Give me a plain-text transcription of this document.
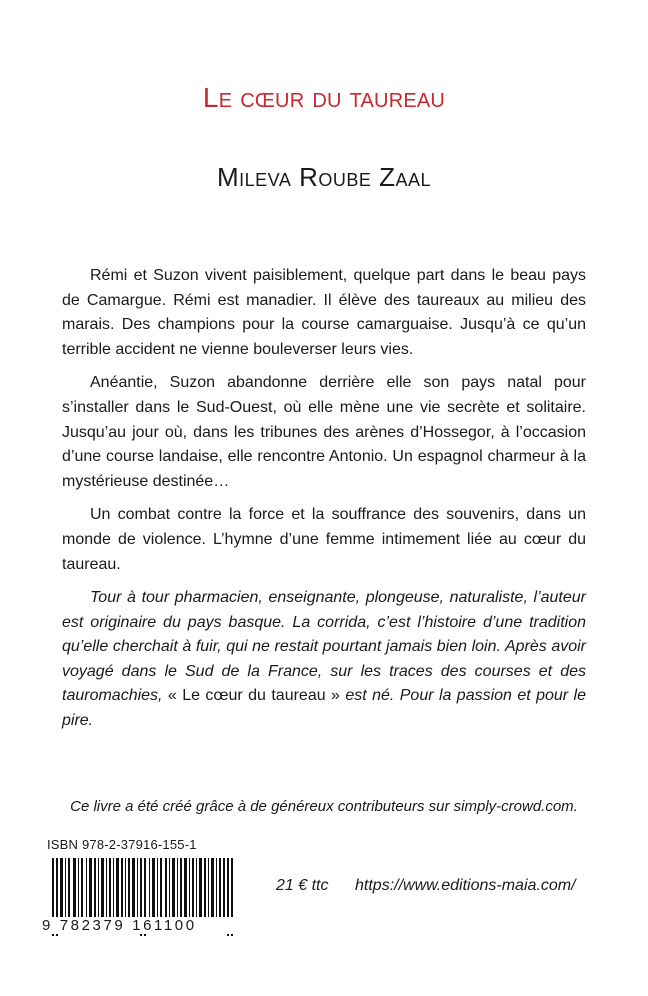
Le cœur du taureau
Mileva Roube Zaal

Rémi et Suzon vivent paisiblement, quelque part dans le beau pays de Camargue. Rémi est manadier. Il élève des taureaux au milieu des marais. Des champions pour la course camarguaise. Jusqu’à ce qu’un terrible accident ne vienne bouleverser leurs vies.

Anéantie, Suzon abandonne derrière elle son pays natal pour s’installer dans le Sud-Ouest, où elle mène une vie secrète et solitaire. Jusqu’au jour où, dans les tribunes des arènes d’Hossegor, à l’occasion d’une course landaise, elle rencontre Antonio. Un espagnol charmeur à la mystérieuse destinée…

Un combat contre la force et la souffrance des souvenirs, dans un monde de violence. L’hymne d’une femme intimement liée au cœur du taureau.

Tour à tour pharmacien, enseignante, plongeuse, naturaliste, l’auteur est originaire du pays basque. La corrida, c’est l’histoire d’une tradition qu’elle cherchait à fuir, qui ne restait pourtant jamais bien loin. Après avoir voyagé dans le Sud de la France, sur les traces des courses et des tauromachies, « Le cœur du taureau » est né. Pour la passion et pour le pire.

Ce livre a été créé grâce à de généreux contributeurs sur simply-crowd.com.
ISBN 978-2-37916-155-1
9 782379 161100
21 € ttc https://www.editions-maia.com/
